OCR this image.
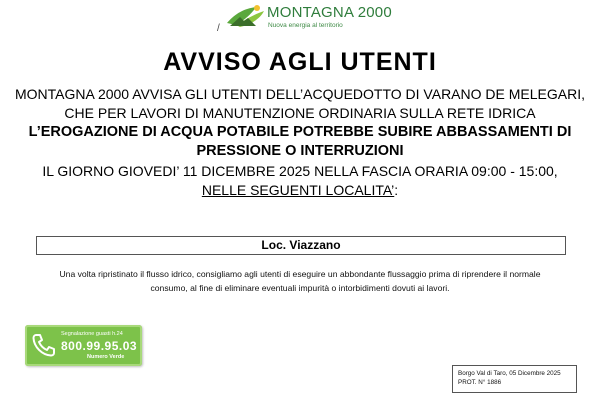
MONTAGNA 2000
Nuova energia al territorio
/
AVVISO AGLI UTENTI
MONTAGNA 2000 AVVISA GLI UTENTI DELL’ACQUEDOTTO DI VARANO DE MELEGARI,
CHE PER LAVORI DI MANUTENZIONE ORDINARIA SULLA RETE IDRICA
L’EROGAZIONE DI ACQUA POTABILE POTREBBE SUBIRE ABBASSAMENTI DI
PRESSIONE O INTERRUZIONI
IL GIORNO GIOVEDI’ 11 DICEMBRE 2025 NELLA FASCIA ORARIA 09:00 - 15:00,
NELLE SEGUENTI LOCALITA’:
Loc. Viazzano
Una volta ripristinato il flusso idrico, consigliamo agli utenti di eseguire un abbondante flussaggio prima di riprendere il normale
consumo, al fine di eliminare eventuali impurità o intorbidimenti dovuti ai lavori.
Segnalazione guasti h.24
800.99.95.03
Numero Verde
Borgo Val di Taro, 05 Dicembre 2025
PROT. N° 1886
